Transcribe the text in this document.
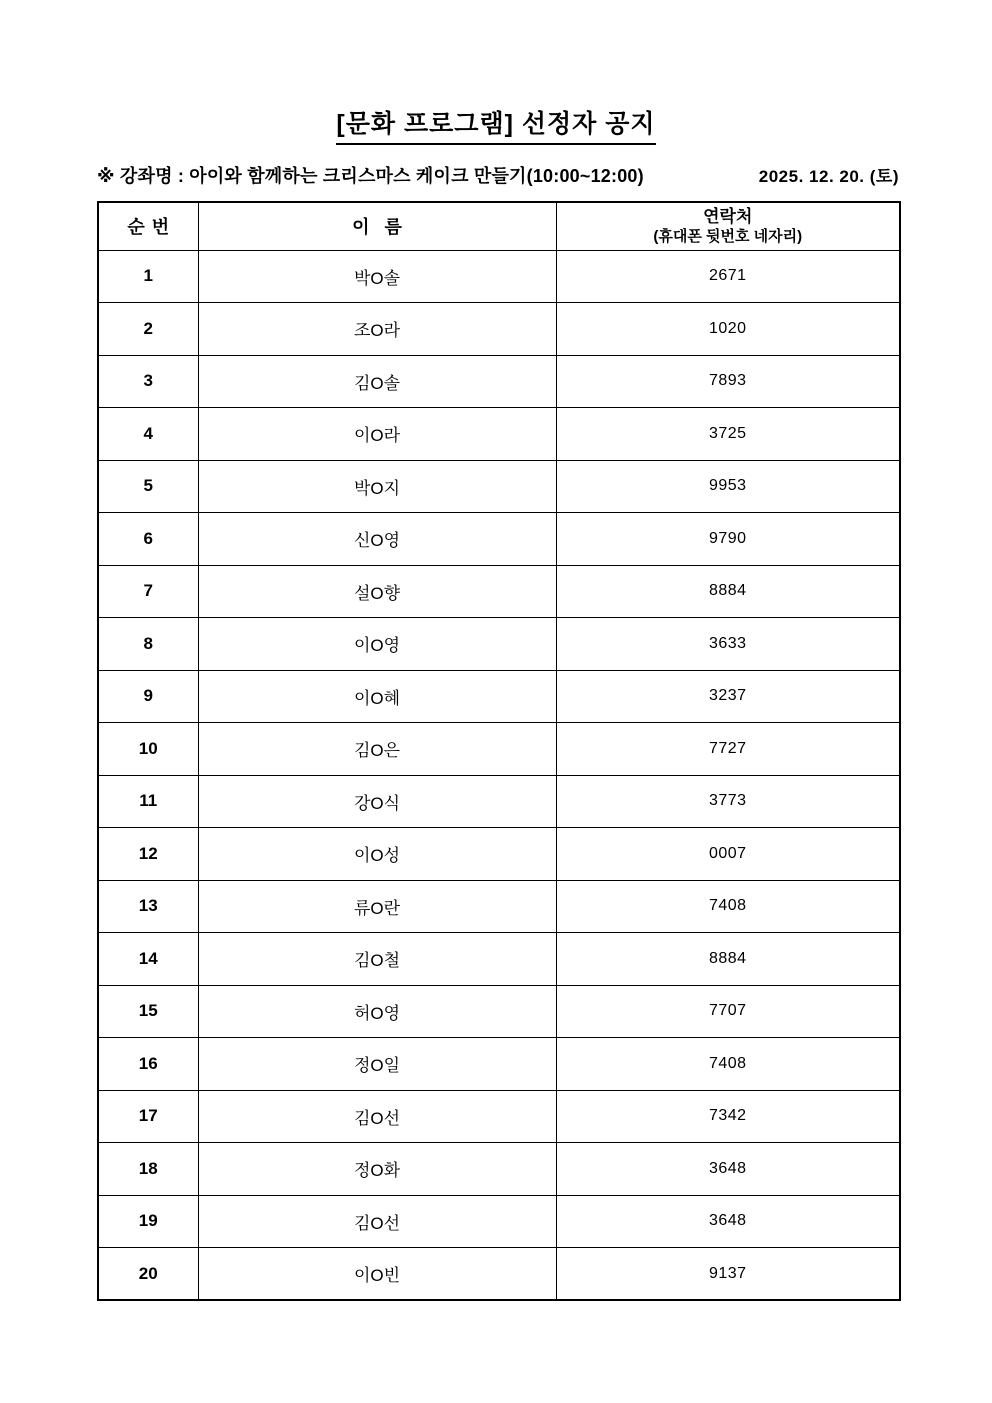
[문화 프로그램] 선정자 공지
※ 강좌명 : 아이와 함께하는 크리스마스 케이크 만들기(10:00~12:00)	2025. 12. 20. (토)
순 번	이 름	연락처
(휴대폰 뒷번호 네자리)

1	박O솔	2671
2	조O라	1020
3	김O솔	7893
4	이O라	3725
5	박O지	9953
6	신O영	9790
7	설O향	8884
8	이O영	3633
9	이O혜	3237
10	김O은	7727
11	강O식	3773
12	이O성	0007
13	류O란	7408
14	김O철	8884
15	허O영	7707
16	정O일	7408
17	김O선	7342
18	정O화	3648
19	김O선	3648
20	이O빈	9137
